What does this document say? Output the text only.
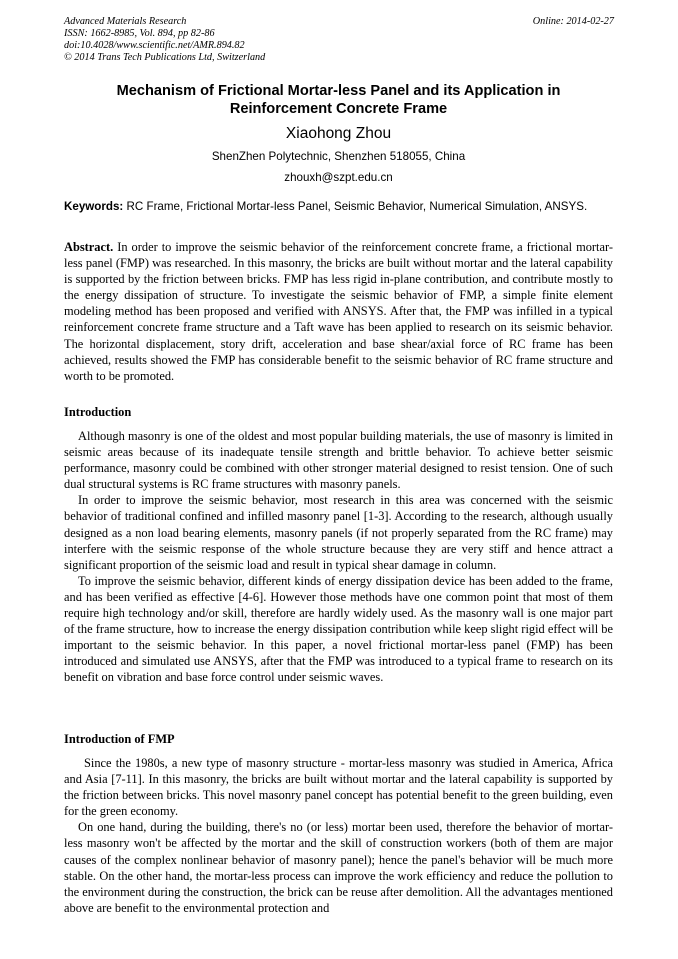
Advanced Materials Research
ISSN: 1662-8985, Vol. 894, pp 82-86
doi:10.4028/www.scientific.net/AMR.894.82
© 2014 Trans Tech Publications Ltd, Switzerland
Online: 2014-02-27
Mechanism of Frictional Mortar-less Panel and its Application in Reinforcement Concrete Frame
Xiaohong Zhou
ShenZhen Polytechnic, Shenzhen 518055, China
zhouxh@szpt.edu.cn
Keywords: RC Frame, Frictional Mortar-less Panel, Seismic Behavior, Numerical Simulation, ANSYS.
Abstract. In order to improve the seismic behavior of the reinforcement concrete frame, a frictional mortar-less panel (FMP) was researched. In this masonry, the bricks are built without mortar and the lateral capability is supported by the friction between bricks. FMP has less rigid in-plane contribution, and contribute mostly to the energy dissipation of structure. To investigate the seismic behavior of FMP, a simple finite element modeling method has been proposed and verified with ANSYS. After that, the FMP was infilled in a typical reinforcement concrete frame structure and a Taft wave has been applied to research on its seismic behavior. The horizontal displacement, story drift, acceleration and base shear/axial force of RC frame has been achieved, results showed the FMP has considerable benefit to the seismic behavior of RC frame structure and worth to be promoted.
Introduction

Although masonry is one of the oldest and most popular building materials, the use of masonry is limited in seismic areas because of its inadequate tensile strength and brittle behavior. To achieve better seismic performance, masonry could be combined with other stronger material designed to resist tension. One of such dual structural systems is RC frame structures with masonry panels.

In order to improve the seismic behavior, most research in this area was concerned with the seismic behavior of traditional confined and infilled masonry panel [1-3]. According to the research, although usually designed as a non load bearing elements, masonry panels (if not properly separated from the RC frame) may interfere with the seismic response of the whole structure because they are very stiff and hence attract a significant proportion of the seismic load and result in typical shear damage in column.

To improve the seismic behavior, different kinds of energy dissipation device has been added to the frame, and has been verified as effective [4-6]. However those methods have one common point that most of them require high technology and/or skill, therefore are hardly widely used. As the masonry wall is one major part of the frame structure, how to increase the energy dissipation contribution while keep slight rigid effect will be important to the seismic behavior. In this paper, a novel frictional mortar-less panel (FMP) has been introduced and simulated use ANSYS, after that the FMP was introduced to a typical frame to research on its benefit on vibration and base force control under seismic waves.

Introduction of FMP

Since the 1980s, a new type of masonry structure - mortar-less masonry was studied in America, Africa and Asia [7-11]. In this masonry, the bricks are built without mortar and the lateral capability is supported by the friction between bricks. This novel masonry panel concept has potential benefit to the green building, even for the green economy.

On one hand, during the building, there's no (or less) mortar been used, therefore the behavior of mortar-less masonry won't be affected by the mortar and the skill of construction workers (both of them are major causes of the complex nonlinear behavior of masonry panel); hence the panel's behavior will be much more stable. On the other hand, the mortar-less process can improve the work efficiency and reduce the pollution to the environment during the construction, the brick can be reuse after demolition. All the advantages mentioned above are benefit to the environmental protection and
